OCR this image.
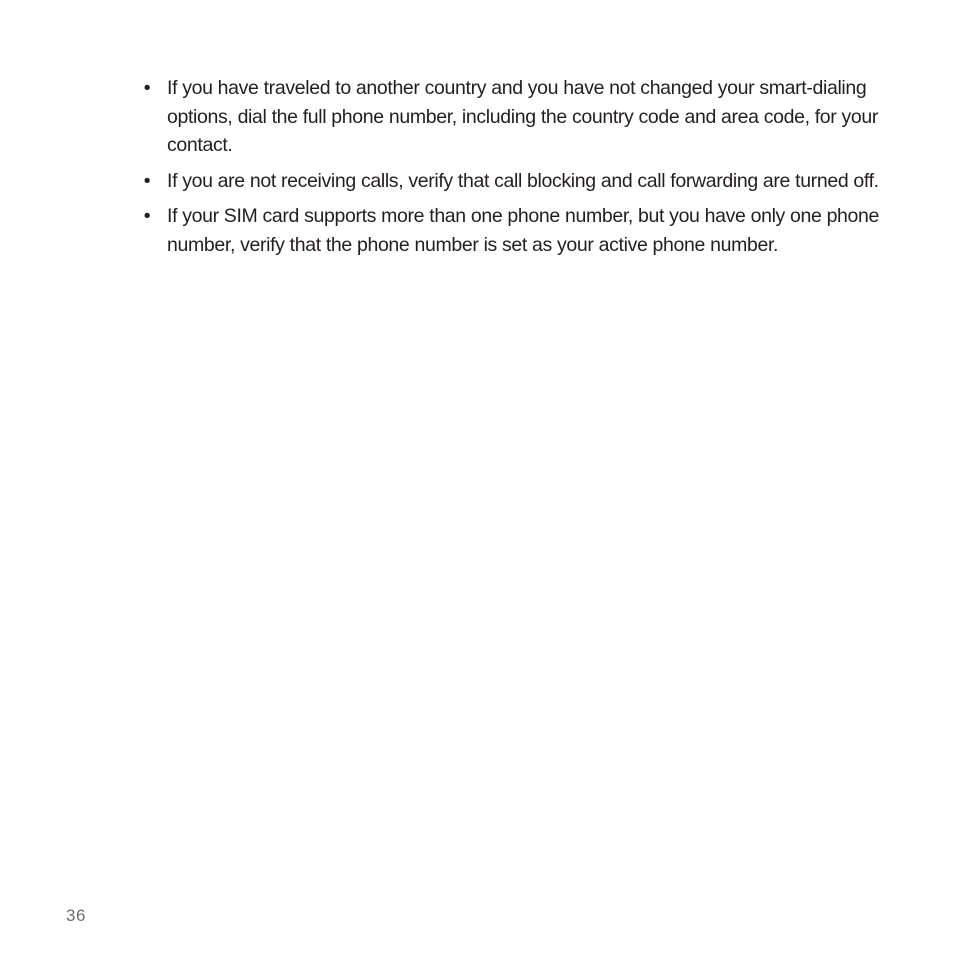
• If you have traveled to another country and you have not changed your smart-dialing options, dial the full phone number, including the country code and area code, for your contact.
• If you are not receiving calls, verify that call blocking and call forwarding are turned off.
• If your SIM card supports more than one phone number, but you have only one phone number, verify that the phone number is set as your active phone number.
36
